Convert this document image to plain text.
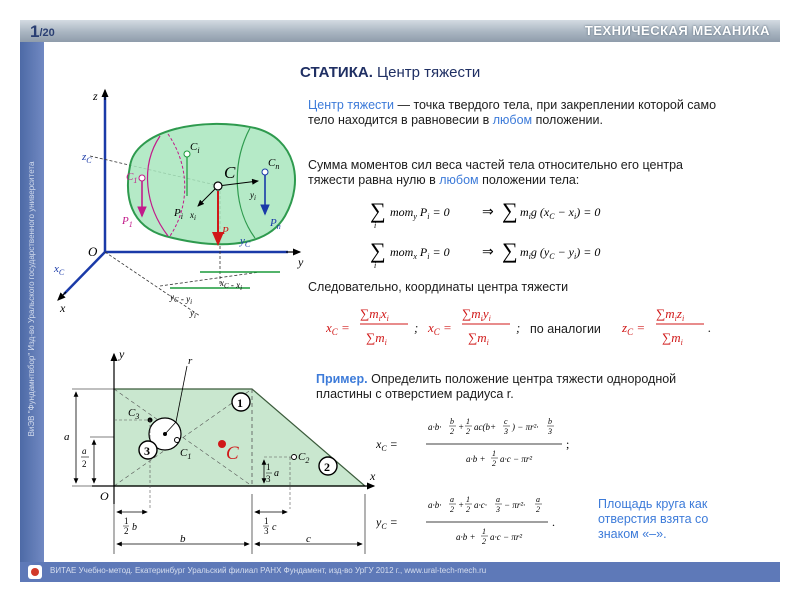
1/20	ТЕХНИЧЕСКАЯ МЕХАНИКА
ВиЭВ "Фундамнтвбор" Изд-во Уральского государственного университета
ВИТАЕ Учебно-метод. Екатеринбург Уральский филиал РАНХ Фундамент, изд-во УрГУ 2012 г., www.ural-tech-mech.ru
СТАТИКА. Центр тяжести
Центр тяжести — точка твердого тела, при закреплении которой само тело находится в равновесии в любом положении.
Сумма моментов сил веса частей тела относительно его центра тяжести равна нулю в любом положении тела:
Следовательно, координаты центра тяжести
Пример. Определить положение центра тяжести однородной пластины с отверстием радиуса r.
Площадь круга как отверстия взята со знаком «–».
z
y
x
O
$z_C$
$x_C$
$y_C$
C
$C_1$
$C_i$
$C_n$
$P_1$
$P_i$
P
$P_n$
$x_i$
$y_i$
$x_C - x_i$
$y_C - y_i$
$y_i$
∑ mom$_y$ $P_i = 0$
i
⇒ ∑ $m_ig$ $(x_C - x_i) = 0$
∑ mom$_x$ $P_i = 0$
i
⇒ ∑ $m_ig$ $(y_C - y_i) = 0$
$x_C$ =
$\sum m_ix_i$
$\sum m_i$
; $x_C$ =
$\sum m_iy_i$
$\sum m_i$
;	$z_C$ =
$\sum m_iz_i$
$\sum m_i$
.
по аналогии
1
2
3
y
x
O
r
C
$C_3$
$C_1$	$C_2$
a
a
2	1
3 a
1
2 b
1
3 c
b	c
$x_C$ =
a·b·
b
2 +
1
2 ac(b+
c
3 ) − πr²·
b
3
;
a·b +
1
2 a·c − πr²
$y_C$ =
a·b·
a
2 +
1
2 a·c·
a
3 − πr²·
a
2
.
a·b +
1
2 a·c − πr²
